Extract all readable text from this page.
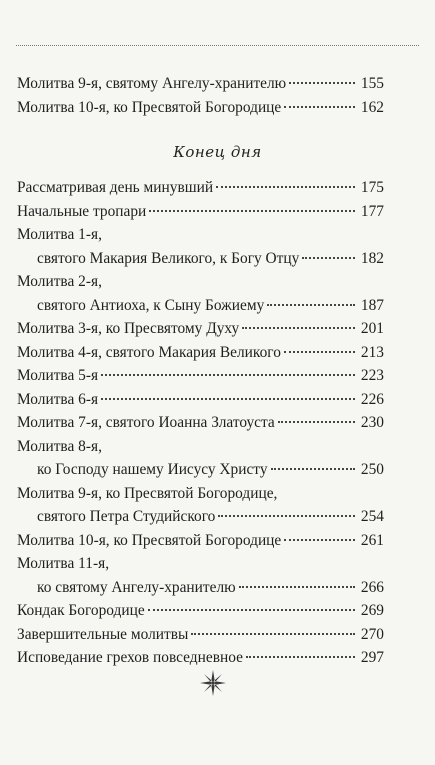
Молитва 9-я, святому Ангелу-хранителю	155
Молитва 10-я, ко Пресвятой Богородице	162
Конец дня
Рассматривая день минувший	175
Начальные тропари	177
Молитва 1-я,
святого Макария Великого, к Богу Отцу	182
Молитва 2-я,
святого Антиоха, к Сыну Божиему	187
Молитва 3-я, ко Пресвятому Духу	201
Молитва 4-я, святого Макария Великого	213
Молитва 5-я	223
Молитва 6-я	226
Молитва 7-я, святого Иоанна Златоуста	230
Молитва 8-я,
ко Господу нашему Иисусу Христу	250
Молитва 9-я, ко Пресвятой Богородице,
святого Петра Студийского	254
Молитва 10-я, ко Пресвятой Богородице	261
Молитва 11-я,
ко святому Ангелу-хранителю	266
Кондак Богородице	269
Завершительные молитвы	270
Исповедание грехов повседневное	297
